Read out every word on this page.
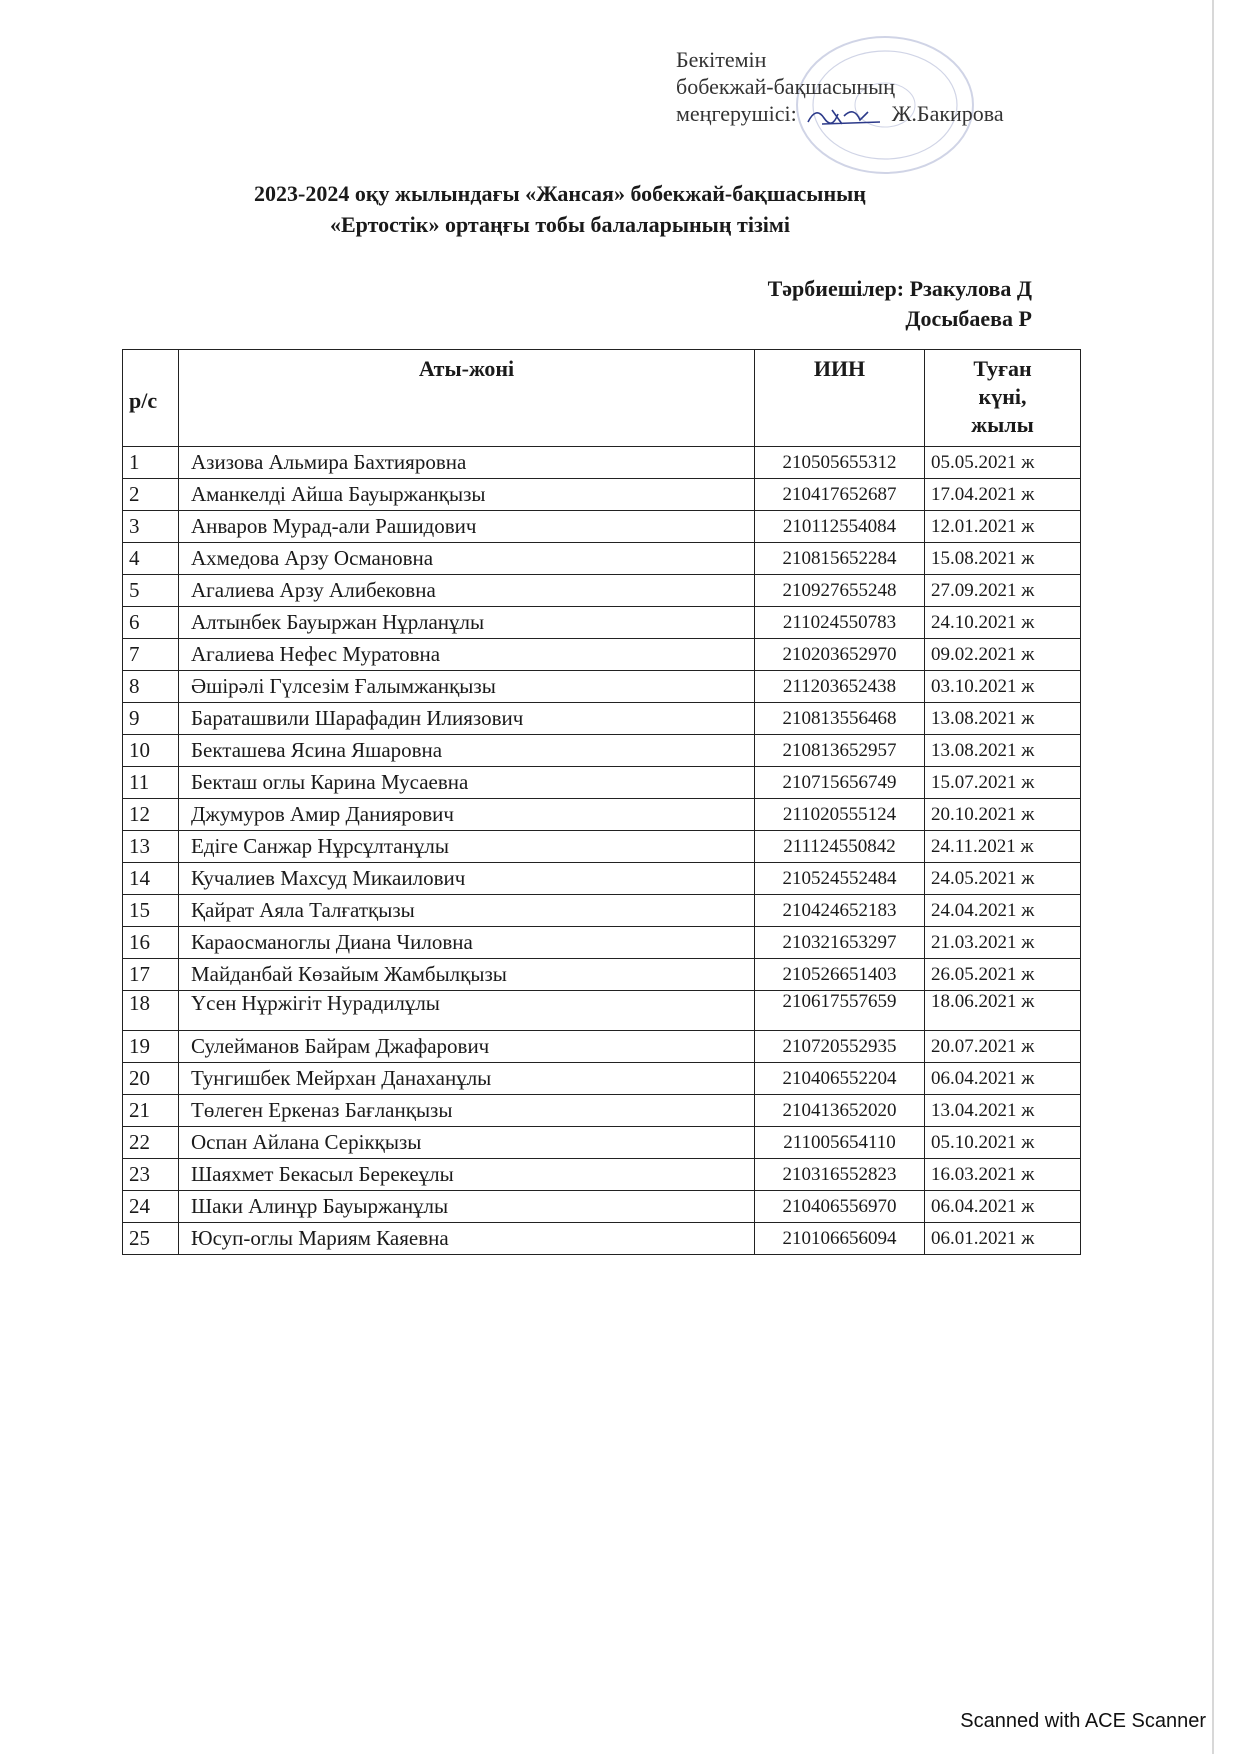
Бекітемін
бобекжай-бақшасының
меңгерушісі:	Ж.Бакирова
2023-2024 оқу жылындағы «Жансая» бобекжай-бақшасының
«Ертостік» ортаңғы тобы балаларының тізімі
Тәрбиешілер: Рзакулова Д
Досыбаева Р
р/с	Аты-жоні	ИИН	Туған
күні,
жылы

1	Азизова Альмира Бахтияровна	210505655312	05.05.2021 ж
2	Аманкелді Айша Бауыржанқызы	210417652687	17.04.2021 ж
3	Анваров Мурад-али Рашидович	210112554084	12.01.2021 ж
4	Ахмедова Арзу Османовна	210815652284	15.08.2021 ж
5	Агалиева Арзу Алибековна	210927655248	27.09.2021 ж
6	Алтынбек Бауыржан Нұрланұлы	211024550783	24.10.2021 ж
7	Агалиева Нефес Муратовна	210203652970	09.02.2021 ж
8	Әшірәлі Гүлсезім Ғалымжанқызы	211203652438	03.10.2021 ж
9	Бараташвили Шарафадин Илиязович	210813556468	13.08.2021 ж
10	Бекташева Ясина Яшаровна	210813652957	13.08.2021 ж
11	Бекташ оглы Карина Мусаевна	210715656749	15.07.2021 ж
12	Джумуров Амир Даниярович	211020555124	20.10.2021 ж
13	Едіге Санжар Нұрсұлтанұлы	211124550842	24.11.2021 ж
14	Кучалиев Махсуд Микаилович	210524552484	24.05.2021 ж
15	Қайрат Аяла Талғатқызы	210424652183	24.04.2021 ж
16	Караосманоглы Диана Чиловна	210321653297	21.03.2021 ж
17	Майданбай Көзайым Жамбылқызы	210526651403	26.05.2021 ж
18	Үсен Нұржігіт Нурадилұлы	210617557659	18.06.2021 ж
19	Сулейманов Байрам Джафарович	210720552935	20.07.2021 ж
20	Тунгишбек Мейрхан Данаханұлы	210406552204	06.04.2021 ж
21	Төлеген Еркеназ Бағланқызы	210413652020	13.04.2021 ж
22	Оспан Айлана Серікқызы	211005654110	05.10.2021 ж
23	Шаяхмет Бекасыл Берекеұлы	210316552823	16.03.2021 ж
24	Шаки Алинұр Бауыржанұлы	210406556970	06.04.2021 ж
25	Юсуп-оглы Мариям Каяевна	210106656094	06.01.2021 ж
Scanned with ACE Scanner
